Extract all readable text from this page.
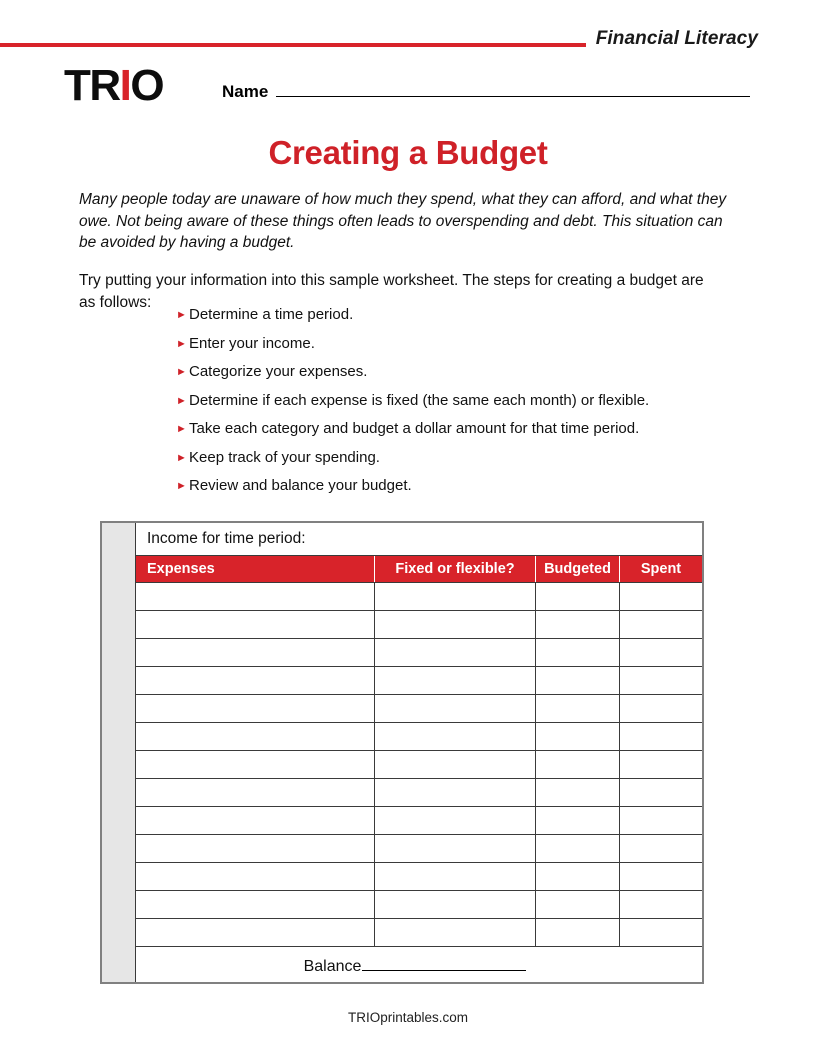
Financial Literacy
TRIO	Name
Creating a Budget
Many people today are unaware of how much they spend, what they can afford, and what they owe. Not being aware of these things often leads to overspending and debt. This situation can be avoided by having a budget.
Try putting your information into this sample worksheet. The steps for creating a budget are as follows:
► Determine a time period.
► Enter your income.
► Categorize your expenses.
► Determine if each expense is fixed (the same each month) or flexible.
► Take each category and budget a dollar amount for that time period.
► Keep track of your spending.
► Review and balance your budget.
Income for time period:
Expenses	Fixed or flexible?	Budgeted	Spent
Balance
TRIOprintables.com
